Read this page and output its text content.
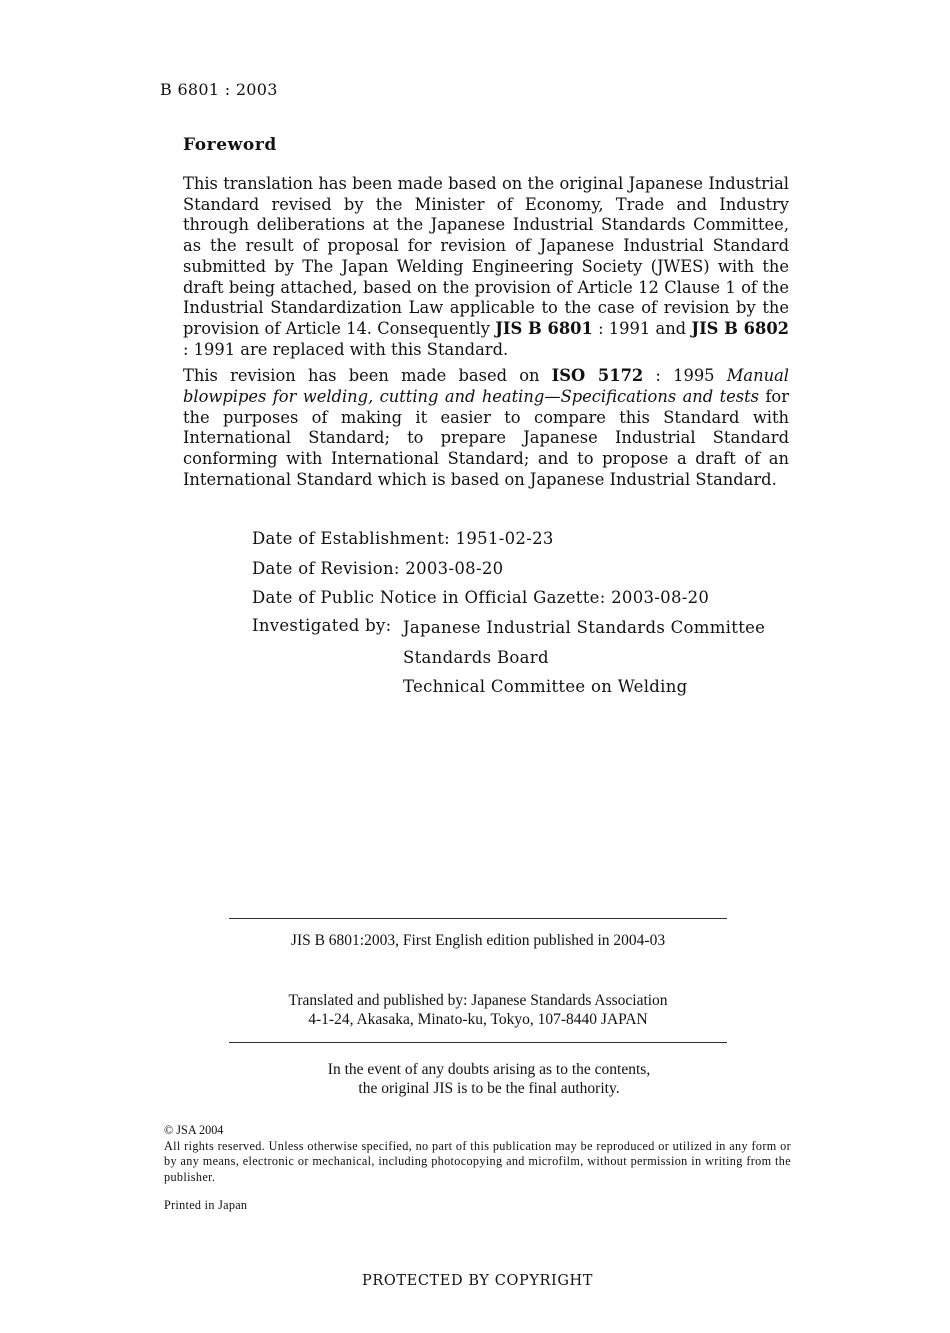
B 6801 : 2003
Foreword

This translation has been made based on the original Japanese Industrial Standard revised by the Minister of Economy, Trade and Industry through deliberations at the Japanese Industrial Standards Committee, as the result of proposal for revision of Japanese Industrial Standard submitted by The Japan Welding Engineering Society (JWES) with the draft being attached, based on the provision of Article 12 Clause 1 of the Industrial Standardization Law applicable to the case of revision by the provision of Article 14. Consequently JIS B 6801 : 1991 and JIS B 6802 : 1991 are replaced with this Standard.

This revision has been made based on ISO 5172 : 1995 Manual blowpipes for welding, cutting and heating—Specifications and tests for the purposes of making it easier to compare this Standard with International Standard; to prepare Japanese Industrial Standard conforming with International Standard; and to propose a draft of an International Standard which is based on Japanese Industrial Standard.

Date of Establishment: 1951-02-23
Date of Revision: 2003-08-20
Date of Public Notice in Official Gazette: 2003-08-20
Investigated by: Japanese Industrial Standards Committee
Standards Board
Technical Committee on Welding
JIS B 6801:2003, First English edition published in 2004-03
Translated and published by: Japanese Standards Association
4-1-24, Akasaka, Minato-ku, Tokyo, 107-8440 JAPAN
In the event of any doubts arising as to the contents,
the original JIS is to be the final authority.
© JSA 2004
All rights reserved. Unless otherwise specified, no part of this publication may be reproduced or utilized in any form or by any means, electronic or mechanical, including photocopying and microfilm, without permission in writing from the publisher.
Printed in Japan
PROTECTED BY COPYRIGHT
